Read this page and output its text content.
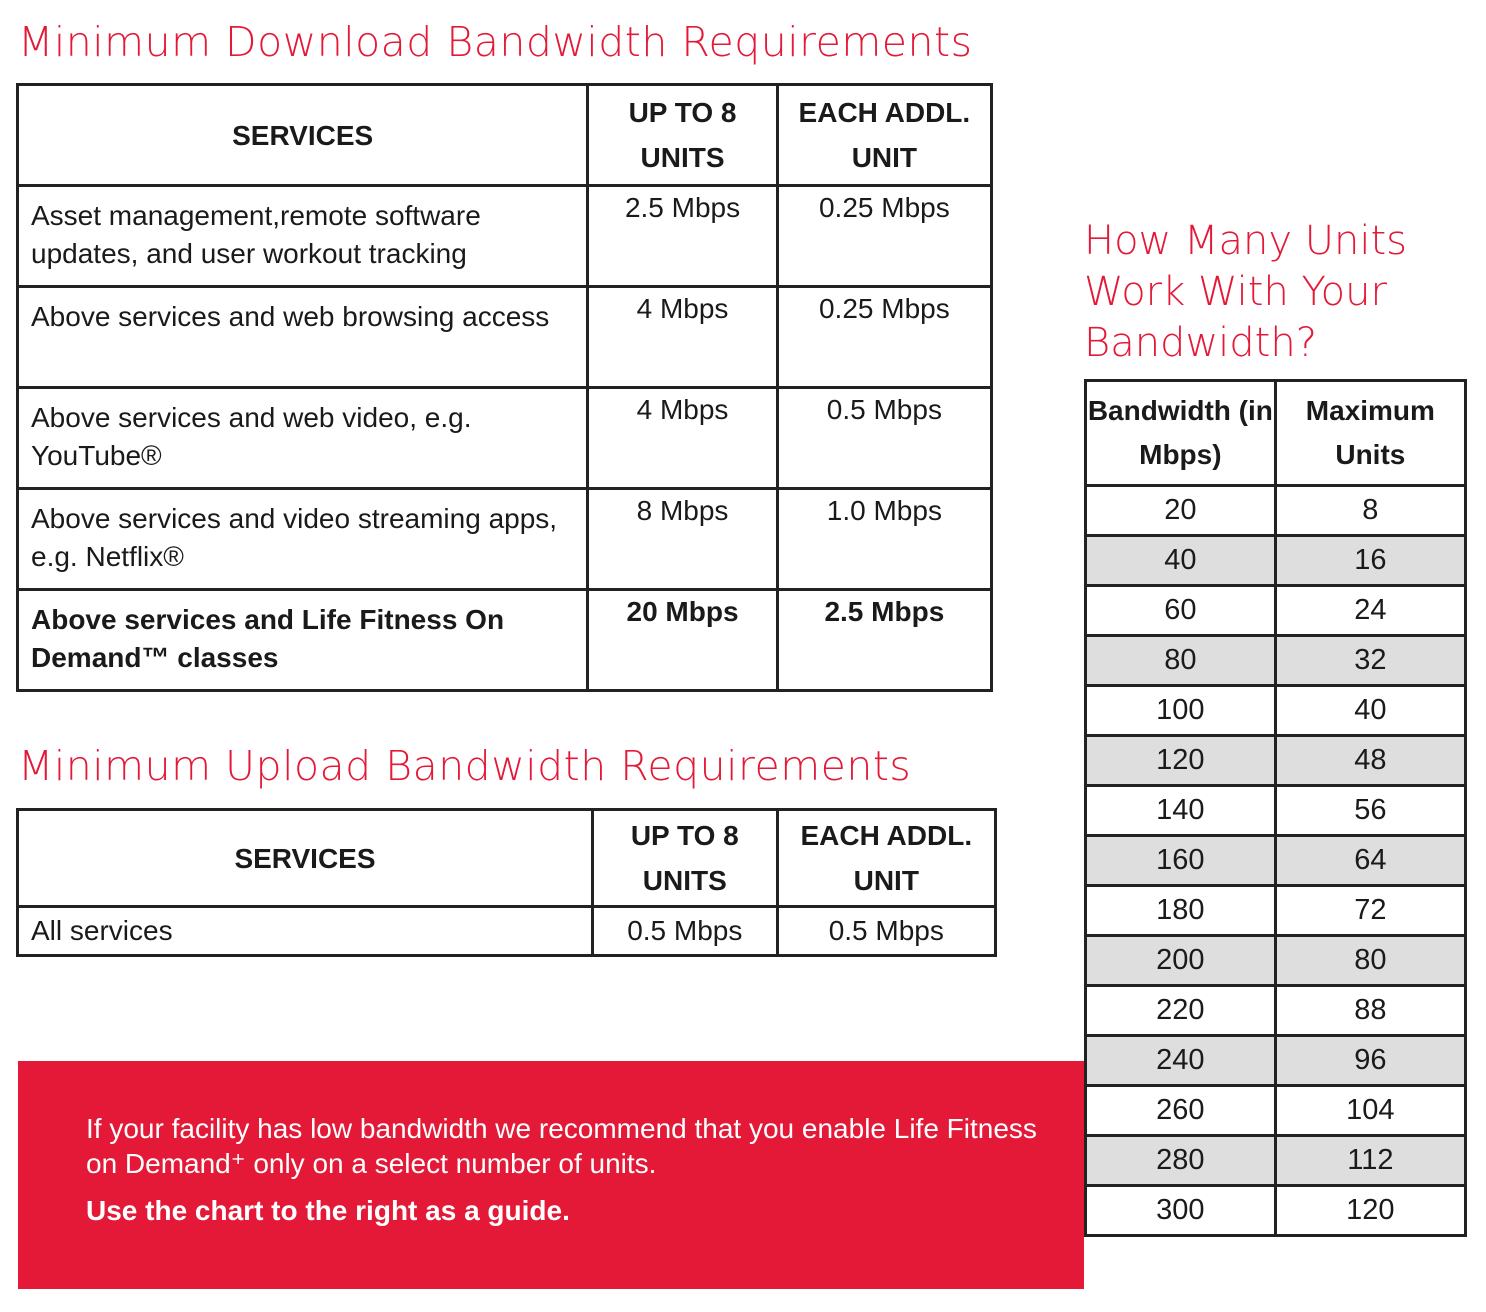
Minimum Download Bandwidth Requirements
SERVICES	UP TO 8 UNITS	EACH ADDL. UNIT
Asset management,remote software updates, and user workout tracking	2.5 Mbps	0.25 Mbps
Above services and web browsing access	4 Mbps	0.25 Mbps
Above services and web video, e.g. YouTube®	4 Mbps	0.5 Mbps
Above services and video streaming apps, e.g. Netflix®	8 Mbps	1.0 Mbps
Above services and Life Fitness On Demand™ classes	20 Mbps	2.5 Mbps
Minimum Upload Bandwidth Requirements
SERVICES	UP TO 8 UNITS	EACH ADDL. UNIT
All services	0.5 Mbps	0.5 Mbps
How Many Units Work With Your Bandwidth?
Bandwidth (in Mbps)	Maximum Units
20	8
40	16
60	24
80	32
100	40
120	48
140	56
160	64
180	72
200	80
220	88
240	96
260	104
280	112
300	120

If your facility has low bandwidth we recommend that you enable Life Fitness on Demand⁺ only on a select number of units.

Use the chart to the right as a guide.
